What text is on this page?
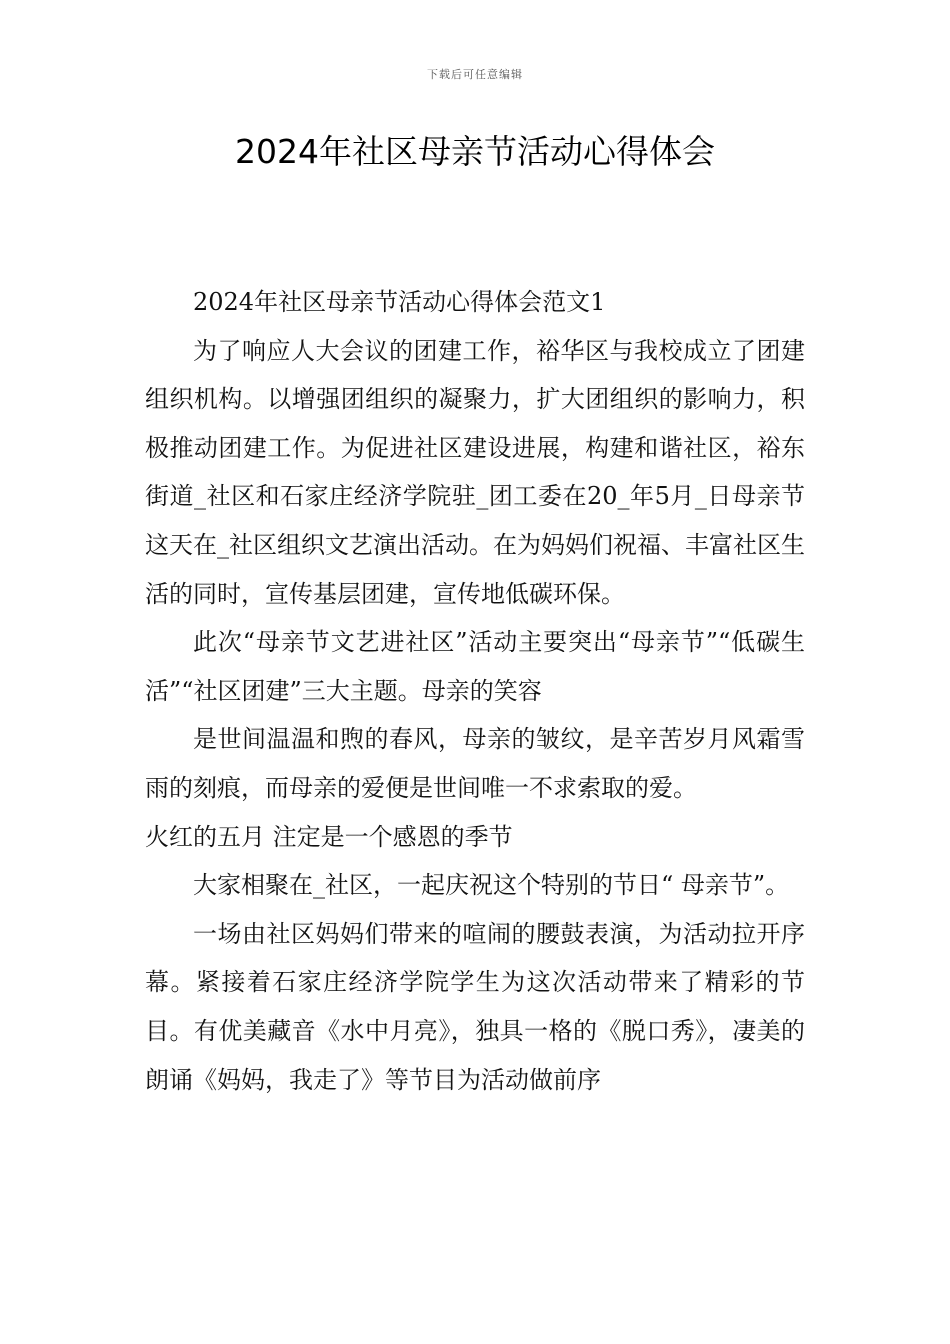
下载后可任意编辑
2024年社区母亲节活动心得体会

2024年社区母亲节活动心得体会范文1

为了响应人大会议的团建工作，裕华区与我校成立了团建组织机构。以增强团组织的凝聚力，扩大团组织的影响力，积极推动团建工作。为促进社区建设进展，构建和谐社区，裕东街道_社区和石家庄经济学院驻_团工委在20_年5月_日母亲节这天在_社区组织文艺演出活动。在为妈妈们祝福、丰富社区生活的同时，宣传基层团建，宣传地低碳环保。

此次“母亲节文艺进社区”活动主要突出“母亲节”“低碳生活”“社区团建”三大主题。母亲的笑容

是世间温温和煦的春风，母亲的皱纹，是辛苦岁月风霜雪雨的刻痕，而母亲的爱便是世间唯一不求索取的爱。

火红的五月 注定是一个感恩的季节

大家相聚在_社区，一起庆祝这个特别的节日“ 母亲节”。

一场由社区妈妈们带来的喧闹的腰鼓表演，为活动拉开序幕。紧接着石家庄经济学院学生为这次活动带来了精彩的节目。有优美藏音《水中月亮》，独具一格的《脱口秀》，凄美的朗诵《妈妈，我走了》等节目为活动做前序
